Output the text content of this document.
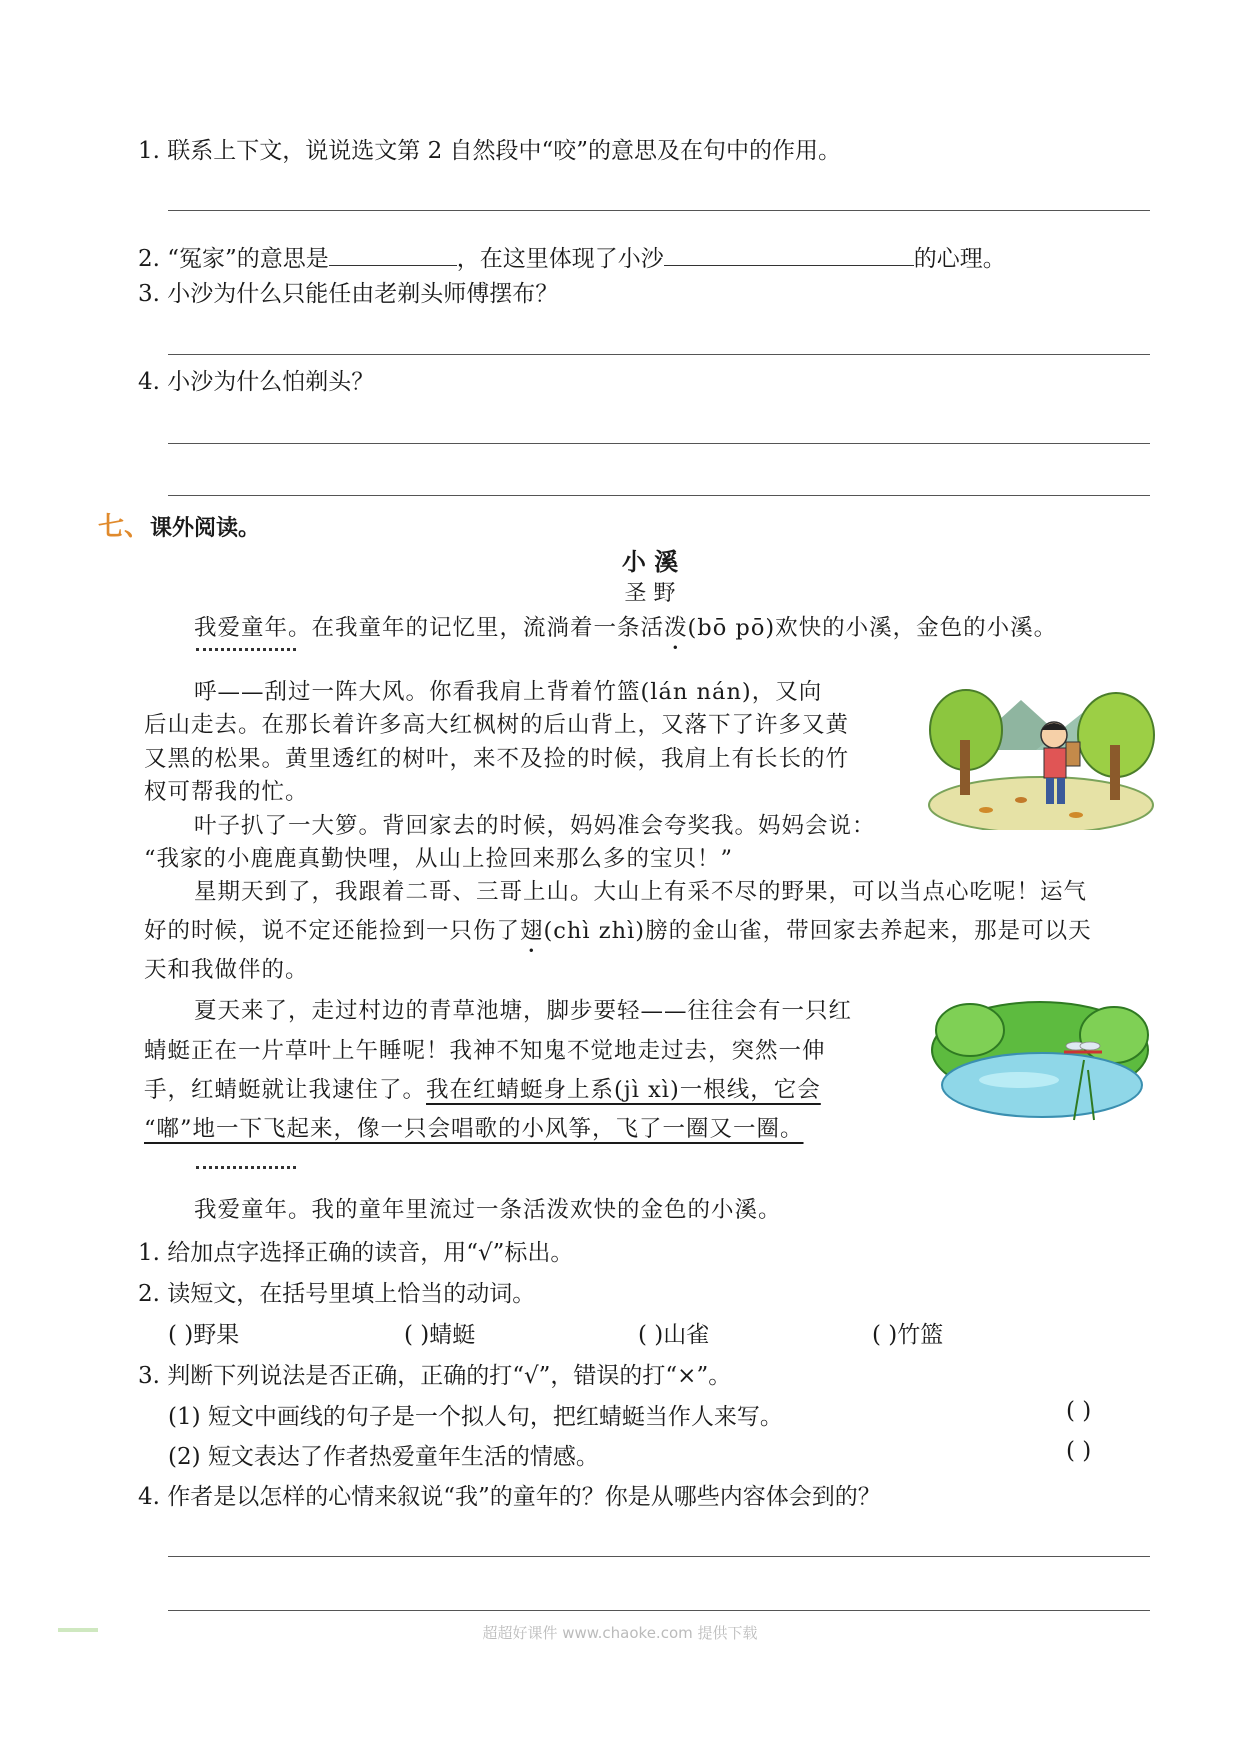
1. 联系上下文，说说选文第 2 自然段中“咬”的意思及在句中的作用。
2. “冤家”的意思是	，在这里体现了小沙	的心理。
3. 小沙为什么只能任由老剃头师傅摆布？
4. 小沙为什么怕剃头？
七、课外阅读。
小 溪
圣 野
我爱童年。在我童年的记忆里，流淌着一条活泼(bō pō)欢快的小溪，金色的小溪。
呼——刮过一阵大风。你看我肩上背着竹篮(lán nán)，又向
后山走去。在那长着许多高大红枫树的后山背上，又落下了许多又黄
又黑的松果。黄里透红的树叶，来不及捡的时候，我肩上有长长的竹
杈可帮我的忙。
叶子扒了一大箩。背回家去的时候，妈妈准会夸奖我。妈妈会说：
“我家的小鹿鹿真勤快哩，从山上捡回来那么多的宝贝！”
星期天到了，我跟着二哥、三哥上山。大山上有采不尽的野果，可以当点心吃呢！运气
好的时候，说不定还能捡到一只伤了翅(chì zhì)膀的金山雀，带回家去养起来，那是可以天
天和我做伴的。
夏天来了，走过村边的青草池塘，脚步要轻——往往会有一只红
蜻蜓正在一片草叶上午睡呢！我神不知鬼不觉地走过去，突然一伸
手，红蜻蜓就让我逮住了。我在红蜻蜓身上系(jì xì)一根线，它会
“嘟”地一下飞起来，像一只会唱歌的小风筝，飞了一圈又一圈。
我爱童年。我的童年里流过一条活泼欢快的金色的小溪。
1. 给加点字选择正确的读音，用“√”标出。
2. 读短文，在括号里填上恰当的动词。
( )野果	( )蜻蜓	( )山雀	( )竹篮
3. 判断下列说法是否正确，正确的打“√”，错误的打“×”。
(1) 短文中画线的句子是一个拟人句，把红蜻蜓当作人来写。	( )
(2) 短文表达了作者热爱童年生活的情感。	( )
4. 作者是以怎样的心情来叙说“我”的童年的？你是从哪些内容体会到的？
超超好课件 www.chaoke.com 提供下载
